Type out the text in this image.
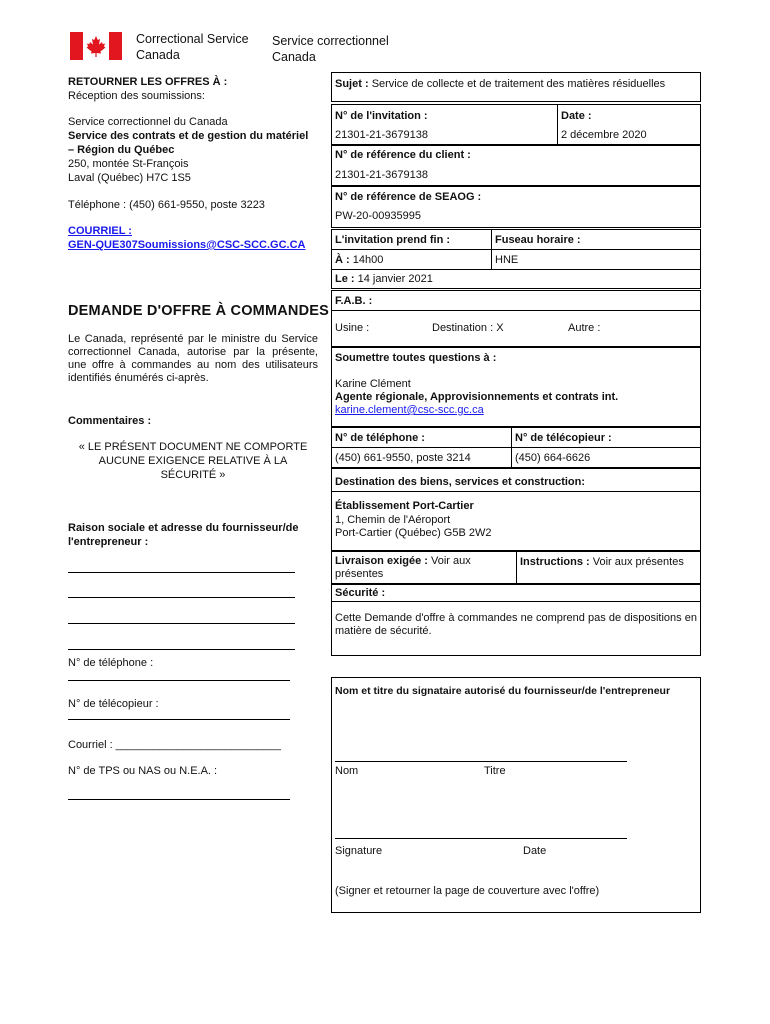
Correctional Service
Canada
Service correctionnel
Canada
RETOURNER LES OFFRES À :
Réception des soumissions:
Service correctionnel du Canada
Service des contrats et de gestion du matériel
– Région du Québec
250, montée St-François
Laval (Québec) H7C 1S5
Téléphone : (450) 661-9550, poste 3223
COURRIEL :
GEN-QUE307Soumissions@CSC-SCC.GC.CA
DEMANDE D'OFFRE À COMMANDES
Le Canada, représenté par le ministre du Service correctionnel Canada, autorise par la présente, une offre à commandes au nom des utilisateurs identifiés énumérés ci-après.
Commentaires :
« LE PRÉSENT DOCUMENT NE COMPORTE
AUCUNE EXIGENCE RELATIVE À LA
SÉCURITÉ »
Raison sociale et adresse du fournisseur/de
l'entrepreneur :
N° de téléphone :
N° de télécopieur :
Courriel : ___________________________
N° de TPS ou NAS ou N.E.A. :
Sujet : Service de collecte et de traitement des matières résiduelles
N° de l'invitation :
21301-21-3679138
Date :
2 décembre 2020
N° de référence du client :
21301-21-3679138
N° de référence de SEAOG :
PW-20-00935995
L'invitation prend fin :
À : 14h00
Fuseau horaire :
HNE
Le : 14 janvier 2021
F.A.B. :
Usine :	Destination : X	Autre :
Soumettre toutes questions à :
Karine Clément
Agente régionale, Approvisionnements et contrats int.
karine.clement@csc-scc.gc.ca
N° de téléphone :
(450) 661-9550, poste 3214
N° de télécopieur :
(450) 664-6626
Destination des biens, services et construction:
Établissement Port-Cartier
1, Chemin de l'Aéroport
Port-Cartier (Québec) G5B 2W2
Livraison exigée : Voir aux présentes
Instructions : Voir aux présentes
Sécurité :
Cette Demande d'offre à commandes ne comprend pas de dispositions en matière de sécurité.
Nom et titre du signataire autorisé du fournisseur/de l'entrepreneur
Nom	Titre
Signature	Date
(Signer et retourner la page de couverture avec l'offre)
